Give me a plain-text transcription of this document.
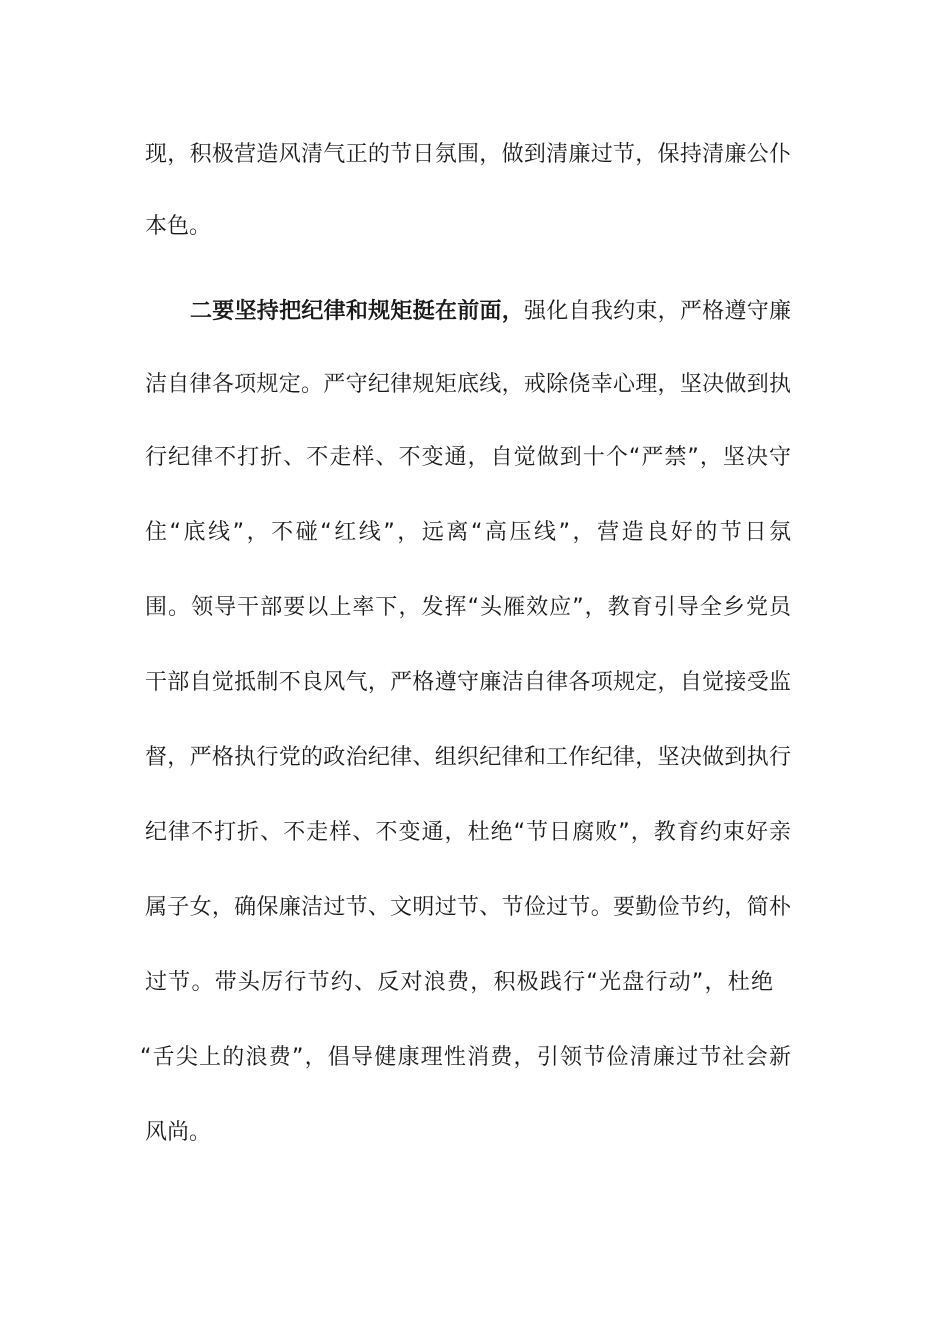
现，积极营造风清气正的节日氛围，做到清廉过节，保持清廉公仆
本色。
二要坚持把纪律和规矩挺在前面，强化自我约束，严格遵守廉
洁自律各项规定。严守纪律规矩底线，戒除侥幸心理，坚决做到执
行纪律不打折、不走样、不变通，自觉做到十个“严禁”，坚决守
住“底线”，不碰“红线”，远离“高压线”，营造良好的节日氛
围。领导干部要以上率下，发挥“头雁效应”，教育引导全乡党员
干部自觉抵制不良风气，严格遵守廉洁自律各项规定，自觉接受监
督，严格执行党的政治纪律、组织纪律和工作纪律，坚决做到执行
纪律不打折、不走样、不变通，杜绝“节日腐败”，教育约束好亲
属子女，确保廉洁过节、文明过节、节俭过节。要勤俭节约，简朴
过节。带头厉行节约、反对浪费，积极践行“光盘行动”，杜绝
“舌尖上的浪费”，倡导健康理性消费，引领节俭清廉过节社会新
风尚。
